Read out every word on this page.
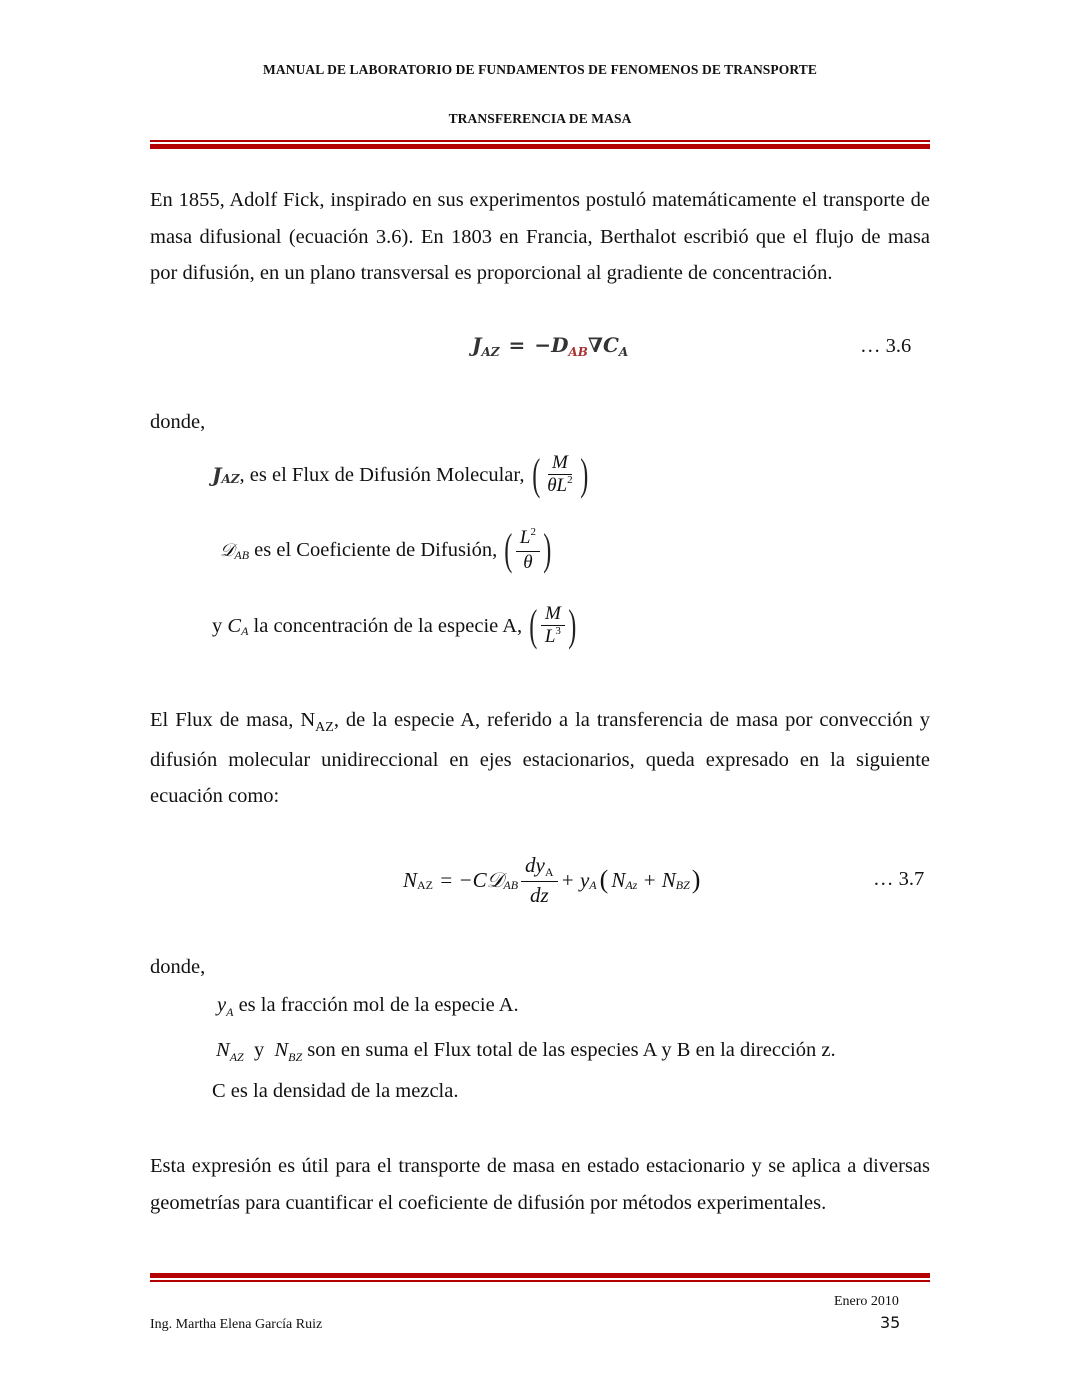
MANUAL DE LABORATORIO DE FUNDAMENTOS DE FENOMENOS DE TRANSPORTE
TRANSFERENCIA DE MASA
En 1855, Adolf Fick, inspirado en sus experimentos postuló matemáticamente el transporte de masa difusional (ecuación 3.6). En 1803 en Francia, Berthalot escribió que el flujo de masa por difusión, en un plano transversal es proporcional al gradiente de concentración.
$J_{AZ} = -D_{AB}\nabla C_A$	… 3.6
donde,
J AZ , es el Flux de Difusión Molecular, ( $\frac{M}{\theta L^2}$ )
𝒟 AB es el Coeficiente de Difusión, ( $\frac{L^2}{\theta}$ )
y C A la concentración de la especie A, ( $\frac{M}{L^3}$ )
El Flux de masa, $N_{AZ}$, de la especie A, referido a la transferencia de masa por convección y difusión molecular unidireccional en ejes estacionarios, queda expresado en la siguiente ecuación como:
N AZ = −C𝒟 AB $\frac{\text{dyA}}{dz} + y$ A ( N Az + N BZ )	… 3.7
donde,
$y_A$ es la fracción mol de la especie A.
$N_{AZ}$  y  $N_{BZ}$ son en suma el Flux total de las especies A y B en la dirección z.
C es la densidad de la mezcla.
Esta expresión es útil para el transporte de masa en estado estacionario y se aplica a diversas geometrías para cuantificar el coeficiente de difusión por métodos experimentales.
Enero 2010
Ing. Martha Elena García Ruiz	35
